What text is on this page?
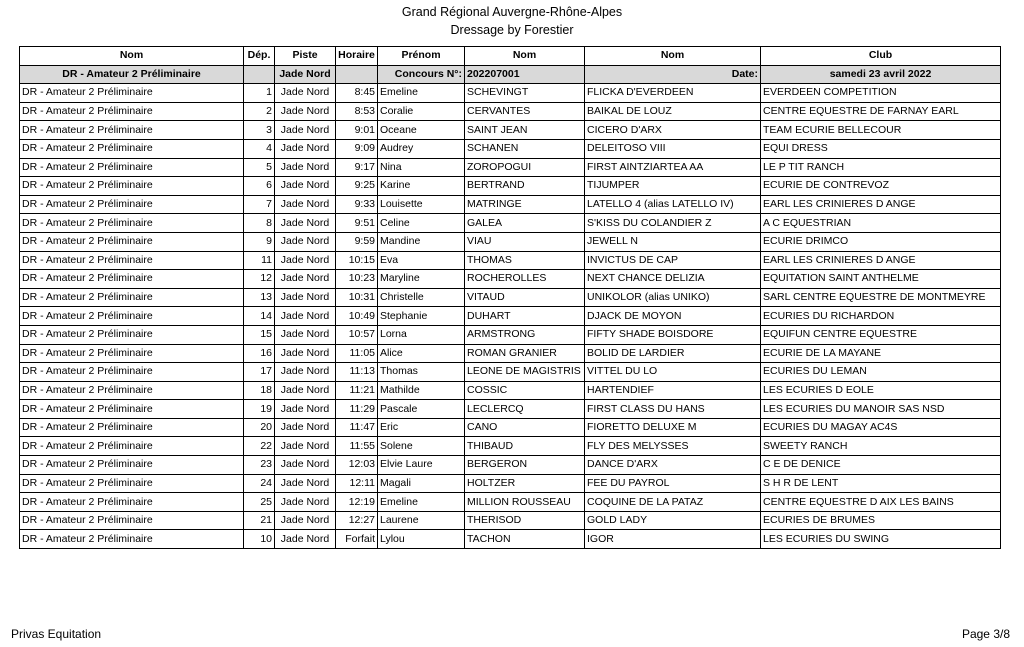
Grand Régional Auvergne-Rhône-Alpes
Dressage by Forestier
Nom	Dép.	Piste	Horaire	Prénom	Nom	Nom	Club
DR - Amateur 2 Préliminaire		Jade Nord		Concours N°:	202207001	Date:	samedi 23 avril 2022
DR - Amateur 2 Préliminaire	1	Jade Nord	8:45	Emeline	SCHEVINGT	FLICKA D'EVERDEEN	EVERDEEN COMPETITION
DR - Amateur 2 Préliminaire	2	Jade Nord	8:53	Coralie	CERVANTES	BAIKAL DE LOUZ	CENTRE EQUESTRE DE FARNAY EARL
DR - Amateur 2 Préliminaire	3	Jade Nord	9:01	Oceane	SAINT JEAN	CICERO D'ARX	TEAM ECURIE BELLECOUR
DR - Amateur 2 Préliminaire	4	Jade Nord	9:09	Audrey	SCHANEN	DELEITOSO VIII	EQUI DRESS
DR - Amateur 2 Préliminaire	5	Jade Nord	9:17	Nina	ZOROPOGUI	FIRST AINTZIARTEA AA	LE P TIT RANCH
DR - Amateur 2 Préliminaire	6	Jade Nord	9:25	Karine	BERTRAND	TIJUMPER	ECURIE DE CONTREVOZ
DR - Amateur 2 Préliminaire	7	Jade Nord	9:33	Louisette	MATRINGE	LATELLO 4 (alias LATELLO IV)	EARL LES CRINIERES D ANGE
DR - Amateur 2 Préliminaire	8	Jade Nord	9:51	Celine	GALEA	S'KISS DU COLANDIER Z	A C EQUESTRIAN
DR - Amateur 2 Préliminaire	9	Jade Nord	9:59	Mandine	VIAU	JEWELL N	ECURIE DRIMCO
DR - Amateur 2 Préliminaire	11	Jade Nord	10:15	Eva	THOMAS	INVICTUS DE CAP	EARL LES CRINIERES D ANGE
DR - Amateur 2 Préliminaire	12	Jade Nord	10:23	Maryline	ROCHEROLLES	NEXT CHANCE DELIZIA	EQUITATION SAINT ANTHELME
DR - Amateur 2 Préliminaire	13	Jade Nord	10:31	Christelle	VITAUD	UNIKOLOR (alias UNIKO)	SARL CENTRE EQUESTRE DE MONTMEYRE
DR - Amateur 2 Préliminaire	14	Jade Nord	10:49	Stephanie	DUHART	DJACK DE MOYON	ECURIES DU RICHARDON
DR - Amateur 2 Préliminaire	15	Jade Nord	10:57	Lorna	ARMSTRONG	FIFTY SHADE BOISDORE	EQUIFUN CENTRE EQUESTRE
DR - Amateur 2 Préliminaire	16	Jade Nord	11:05	Alice	ROMAN GRANIER	BOLID DE LARDIER	ECURIE DE LA MAYANE
DR - Amateur 2 Préliminaire	17	Jade Nord	11:13	Thomas	LEONE DE MAGISTRIS	VITTEL DU LO	ECURIES DU LEMAN
DR - Amateur 2 Préliminaire	18	Jade Nord	11:21	Mathilde	COSSIC	HARTENDIEF	LES ECURIES D EOLE
DR - Amateur 2 Préliminaire	19	Jade Nord	11:29	Pascale	LECLERCQ	FIRST CLASS DU HANS	LES ECURIES DU MANOIR SAS NSD
DR - Amateur 2 Préliminaire	20	Jade Nord	11:47	Eric	CANO	FIORETTO DELUXE M	ECURIES DU MAGAY AC4S
DR - Amateur 2 Préliminaire	22	Jade Nord	11:55	Solene	THIBAUD	FLY DES MELYSSES	SWEETY RANCH
DR - Amateur 2 Préliminaire	23	Jade Nord	12:03	Elvie Laure	BERGERON	DANCE D'ARX	C E DE DENICE
DR - Amateur 2 Préliminaire	24	Jade Nord	12:11	Magali	HOLTZER	FEE DU PAYROL	S H R DE LENT
DR - Amateur 2 Préliminaire	25	Jade Nord	12:19	Emeline	MILLION ROUSSEAU	COQUINE DE LA PATAZ	CENTRE EQUESTRE D AIX LES BAINS
DR - Amateur 2 Préliminaire	21	Jade Nord	12:27	Laurene	THERISOD	GOLD LADY	ECURIES DE BRUMES
DR - Amateur 2 Préliminaire	10	Jade Nord	Forfait	Lylou	TACHON	IGOR	LES ECURIES DU SWING
Privas Equitation	Page 3/8
